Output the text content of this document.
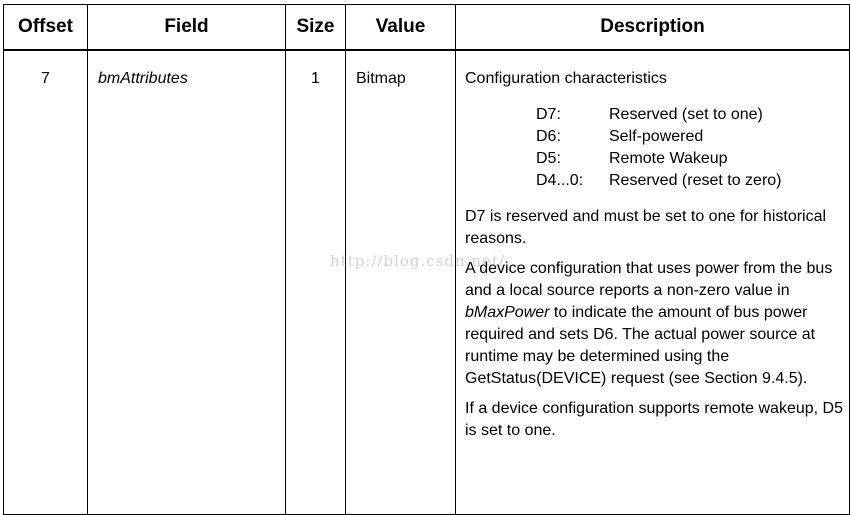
Offset	Field	Size	Value	Description
7	bmAttributes	1	Bitmap	Configuration characteristics
D7:	Reserved (set to one)
D6:	Self-powered
D5:	Remote Wakeup
D4...0:	Reserved (reset to zero)
D7 is reserved and must be set to one for historical reasons.
A device configuration that uses power from the bus and a local source reports a non-zero value in bMaxPower to indicate the amount of bus power required and sets D6. The actual power source at runtime may be determined using the GetStatus(DEVICE) request (see Section 9.4.5).
If a device configuration supports remote wakeup, D5 is set to one.
http://blog.csdn.net/
